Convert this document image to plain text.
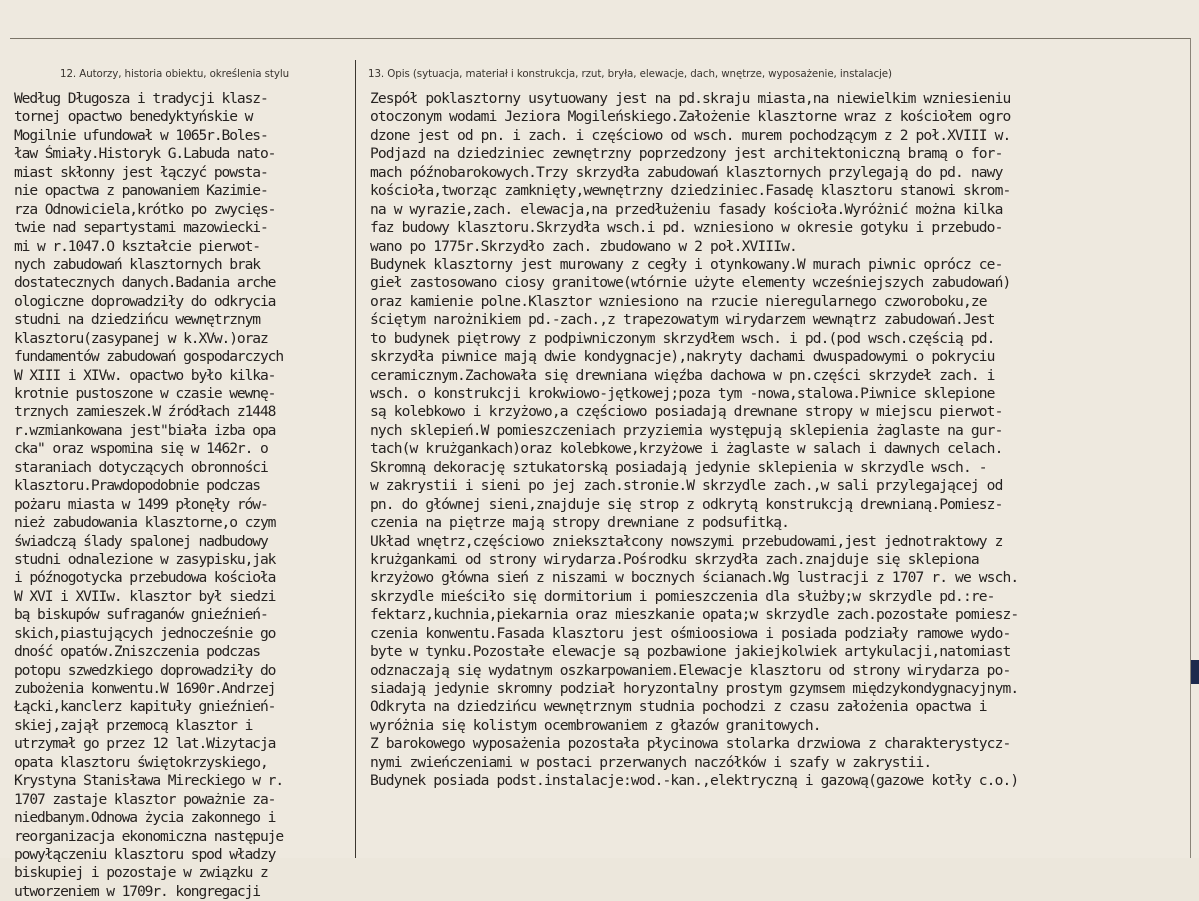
12. Autorzy, historia obiektu, określenia stylu	13. Opis (sytuacja, materiał i konstrukcja, rzut, bryła, elewacje, dach, wnętrze, wyposażenie, instalacje)
Według Długosza i tradycji klasz-
tornej opactwo benedyktyńskie w
Mogilnie ufundował w 1065r.Boles-
ław Śmiały.Historyk G.Labuda nato-
miast skłonny jest łączyć powsta-
nie opactwa z panowaniem Kazimie-
rza Odnowiciela,krótko po zwycięs-
twie nad separtystami mazowiecki-
mi w r.1047.O kształcie pierwot-
nych zabudowań klasztornych brak
dostatecznych danych.Badania arche
ologiczne doprowadziły do odkrycia
studni na dziedzińcu wewnętrznym
klasztoru(zasypanej w k.XVw.)oraz
fundamentów zabudowań gospodarczych
W XIII i XIVw. opactwo było kilka-
krotnie pustoszone w czasie wewnę-
trznych zamieszek.W źródłach z1448
r.wzmiankowana jest"biała izba opa
cka" oraz wspomina się w 1462r. o
staraniach dotyczących obronności
klasztoru.Prawdopodobnie podczas
pożaru miasta w 1499 płonęły rów-
nież zabudowania klasztorne,o czym
świadczą ślady spalonej nadbudowy
studni odnalezione w zasypisku,jak
i późnogotycka przebudowa kościoła
W XVI i XVIIw. klasztor był siedzi
bą biskupów sufraganów gnieźnień-
skich,piastujących jednocześnie go
dność opatów.Zniszczenia podczas
potopu szwedzkiego doprowadziły do
zubożenia konwentu.W 1690r.Andrzej
Łącki,kanclerz kapituły gnieźnień-
skiej,zajął przemocą klasztor i
utrzymał go przez 12 lat.Wizytacja
opata klasztoru świętokrzyskiego,
Krystyna Stanisława Mireckiego w r.
1707 zastaje klasztor poważnie za-
niedbanym.Odnowa życia zakonnego i
reorganizacja ekonomiczna następuje
powyłączeniu klasztoru spod władzy
biskupiej i pozostaje w związku z
utworzeniem w 1709r. kongregacji
Zespół poklasztorny usytuowany jest na pd.skraju miasta,na niewielkim wzniesieniu
otoczonym wodami Jeziora Mogileńskiego.Założenie klasztorne wraz z kościołem ogro
dzone jest od pn. i zach. i częściowo od wsch. murem pochodzącym z 2 poł.XVIII w.
Podjazd na dziedziniec zewnętrzny poprzedzony jest architektoniczną bramą o for-
mach późnobarokowych.Trzy skrzydła zabudowań klasztornych przylegają do pd. nawy
kościoła,tworząc zamknięty,wewnętrzny dziedziniec.Fasadę klasztoru stanowi skrom-
na w wyrazie,zach. elewacja,na przedłużeniu fasady kościoła.Wyróżnić można kilka
faz budowy klasztoru.Skrzydła wsch.i pd. wzniesiono w okresie gotyku i przebudo-
wano po 1775r.Skrzydło zach. zbudowano w 2 poł.XVIIIw.
Budynek klasztorny jest murowany z cegły i otynkowany.W murach piwnic oprócz ce-
gieł zastosowano ciosy granitowe(wtórnie użyte elementy wcześniejszych zabudowań)
oraz kamienie polne.Klasztor wzniesiono na rzucie nieregularnego czworoboku,ze
ściętym narożnikiem pd.-zach.,z trapezowatym wirydarzem wewnątrz zabudowań.Jest
to budynek piętrowy z podpiwniczonym skrzydłem wsch. i pd.(pod wsch.częścią pd.
skrzydła piwnice mają dwie kondygnacje),nakryty dachami dwuspadowymi o pokryciu
ceramicznym.Zachowała się drewniana więźba dachowa w pn.części skrzydeł zach. i
wsch. o konstrukcji krokwiowo-jętkowej;poza tym -nowa,stalowa.Piwnice sklepione
są kolebkowo i krzyżowo,a częściowo posiadają drewnane stropy w miejscu pierwot-
nych sklepień.W pomieszczeniach przyziemia występują sklepienia żaglaste na gur-
tach(w krużgankach)oraz kolebkowe,krzyżowe i żaglaste w salach i dawnych celach.
Skromną dekorację sztukatorską posiadają jedynie sklepienia w skrzydle wsch. -
w zakrystii i sieni po jej zach.stronie.W skrzydle zach.,w sali przylegającej od
pn. do głównej sieni,znajduje się strop z odkrytą konstrukcją drewnianą.Pomiesz-
czenia na piętrze mają stropy drewniane z podsufitką.
Układ wnętrz,częściowo zniekształcony nowszymi przebudowami,jest jednotraktowy z
krużgankami od strony wirydarza.Pośrodku skrzydła zach.znajduje się sklepiona
krzyżowo główna sień z niszami w bocznych ścianach.Wg lustracji z 1707 r. we wsch.
skrzydle mieściło się dormitorium i pomieszczenia dla służby;w skrzydle pd.:re-
fektarz,kuchnia,piekarnia oraz mieszkanie opata;w skrzydle zach.pozostałe pomiesz-
czenia konwentu.Fasada klasztoru jest ośmioosiowa i posiada podziały ramowe wydo-
byte w tynku.Pozostałe elewacje są pozbawione jakiejkolwiek artykulacji,natomiast
odznaczają się wydatnym oszkarpowaniem.Elewacje klasztoru od strony wirydarza po-
siadają jedynie skromny podział horyzontalny prostym gzymsem międzykondygnacyjnym.
Odkryta na dziedzińcu wewnętrznym studnia pochodzi z czasu założenia opactwa i
wyróżnia się kolistym ocembrowaniem z głazów granitowych.
Z barokowego wyposażenia pozostała płycinowa stolarka drzwiowa z charakterystycz-
nymi zwieńczeniami w postaci przerwanych naczółków i szafy w zakrystii.
Budynek posiada podst.instalacje:wod.-kan.,elektryczną i gazową(gazowe kotły c.o.)
